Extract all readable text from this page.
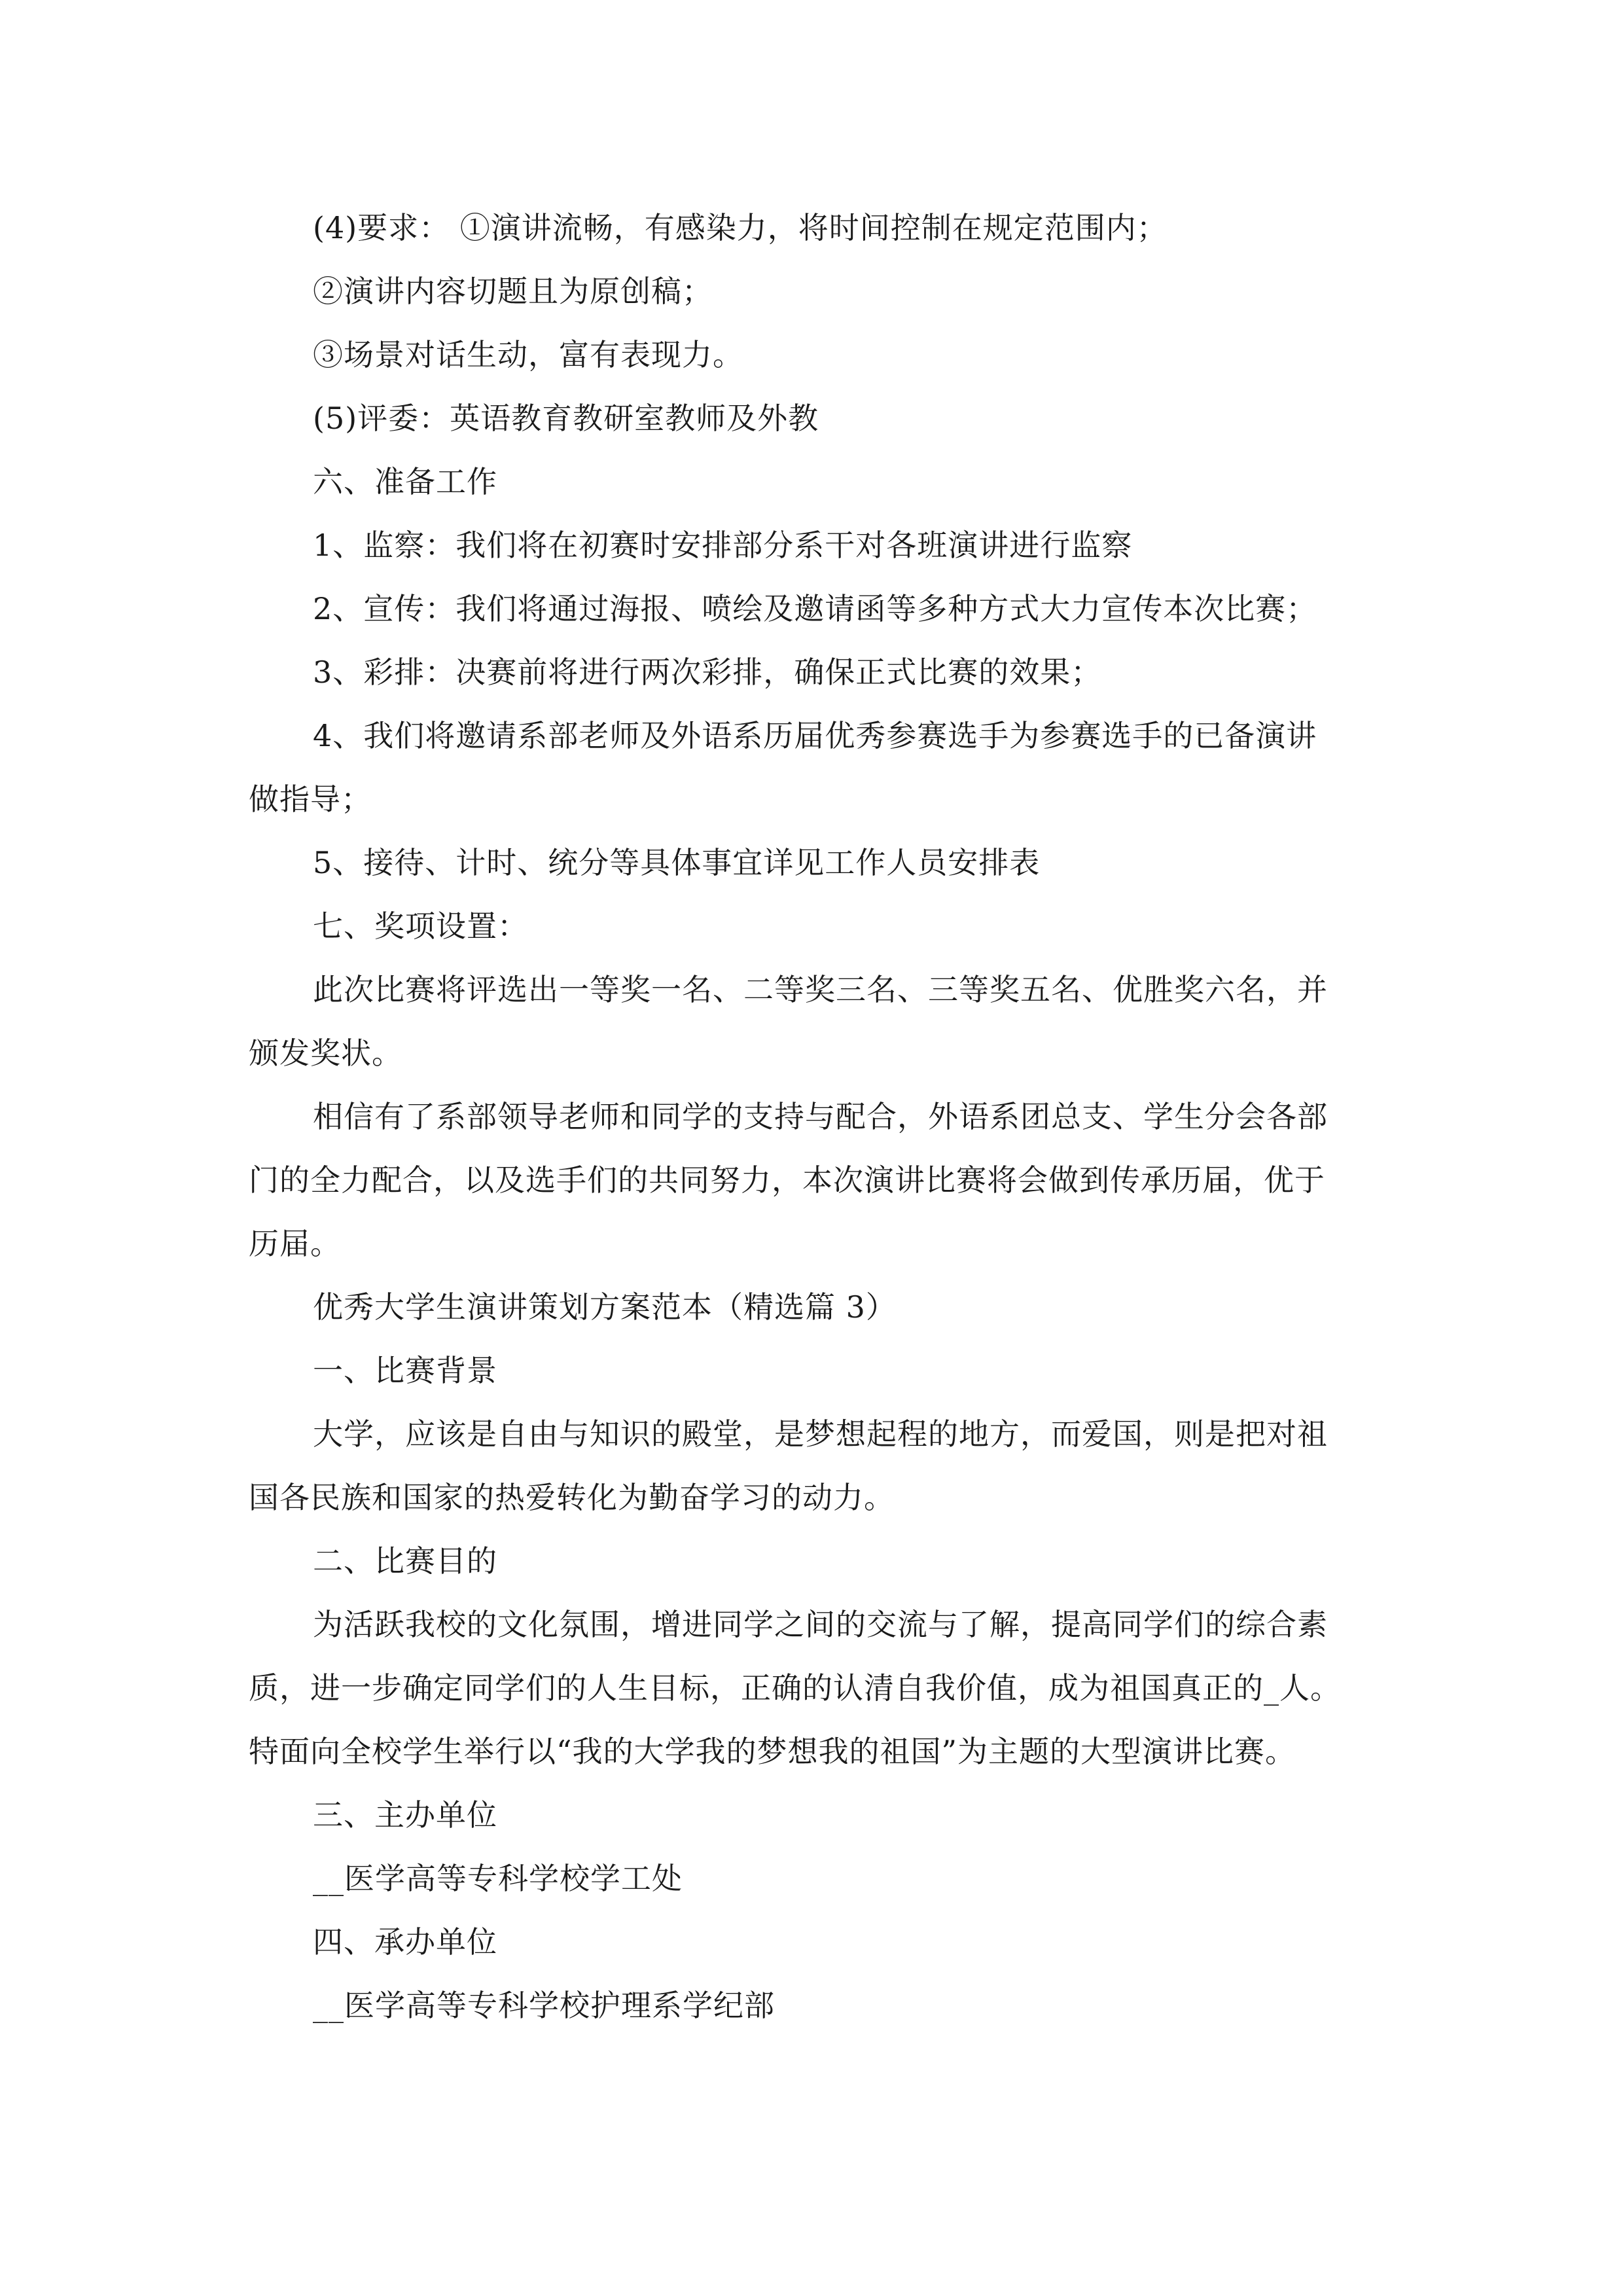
(4)要求： ①演讲流畅，有感染力，将时间控制在规定范围内；
②演讲内容切题且为原创稿；
③场景对话生动，富有表现力。
(5)评委：英语教育教研室教师及外教
六、准备工作
1、监察：我们将在初赛时安排部分系干对各班演讲进行监察
2、宣传：我们将通过海报、喷绘及邀请函等多种方式大力宣传本次比赛；
3、彩排：决赛前将进行两次彩排，确保正式比赛的效果；
4、我们将邀请系部老师及外语系历届优秀参赛选手为参赛选手的已备演讲
做指导；
5、接待、计时、统分等具体事宜详见工作人员安排表
七、奖项设置：
此次比赛将评选出一等奖一名、二等奖三名、三等奖五名、优胜奖六名，并
颁发奖状。
相信有了系部领导老师和同学的支持与配合，外语系团总支、学生分会各部
门的全力配合，以及选手们的共同努力，本次演讲比赛将会做到传承历届，优于
历届。
优秀大学生演讲策划方案范本（精选篇 3）
一、比赛背景
大学，应该是自由与知识的殿堂，是梦想起程的地方，而爱国，则是把对祖
国各民族和国家的热爱转化为勤奋学习的动力。
二、比赛目的
为活跃我校的文化氛围，增进同学之间的交流与了解，提高同学们的综合素
质，进一步确定同学们的人生目标，正确的认清自我价值，成为祖国真正的_人。
特面向全校学生举行以“我的大学我的梦想我的祖国”为主题的大型演讲比赛。
三、主办单位
__医学高等专科学校学工处
四、承办单位
__医学高等专科学校护理系学纪部
